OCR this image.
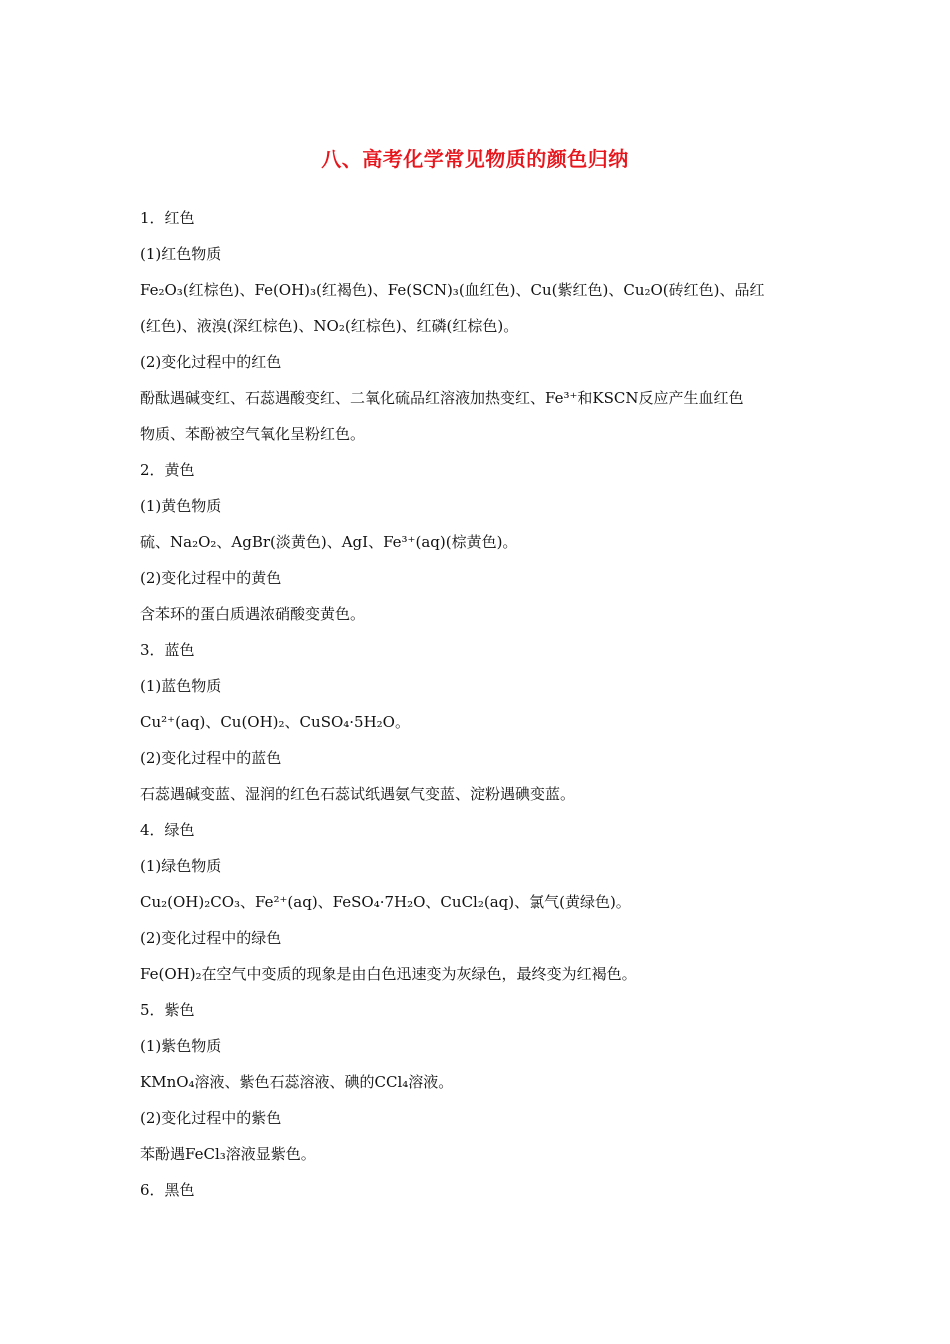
八、高考化学常见物质的颜色归纳
1．红色
(1)红色物质
Fe₂O₃(红棕色)、Fe(OH)₃(红褐色)、Fe(SCN)₃(血红色)、Cu(紫红色)、Cu₂O(砖红色)、品红
(红色)、液溴(深红棕色)、NO₂(红棕色)、红磷(红棕色)。
(2)变化过程中的红色
酚酞遇碱变红、石蕊遇酸变红、二氧化硫品红溶液加热变红、Fe³⁺和KSCN反应产生血红色
物质、苯酚被空气氧化呈粉红色。
2．黄色
(1)黄色物质
硫、Na₂O₂、AgBr(淡黄色)、AgI、Fe³⁺(aq)(棕黄色)。
(2)变化过程中的黄色
含苯环的蛋白质遇浓硝酸变黄色。
3．蓝色
(1)蓝色物质
Cu²⁺(aq)、Cu(OH)₂、CuSO₄·5H₂O。
(2)变化过程中的蓝色
石蕊遇碱变蓝、湿润的红色石蕊试纸遇氨气变蓝、淀粉遇碘变蓝。
4．绿色
(1)绿色物质
Cu₂(OH)₂CO₃、Fe²⁺(aq)、FeSO₄·7H₂O、CuCl₂(aq)、氯气(黄绿色)。
(2)变化过程中的绿色
Fe(OH)₂在空气中变质的现象是由白色迅速变为灰绿色，最终变为红褐色。
5．紫色
(1)紫色物质
KMnO₄溶液、紫色石蕊溶液、碘的CCl₄溶液。
(2)变化过程中的紫色
苯酚遇FeCl₃溶液显紫色。
6．黑色
